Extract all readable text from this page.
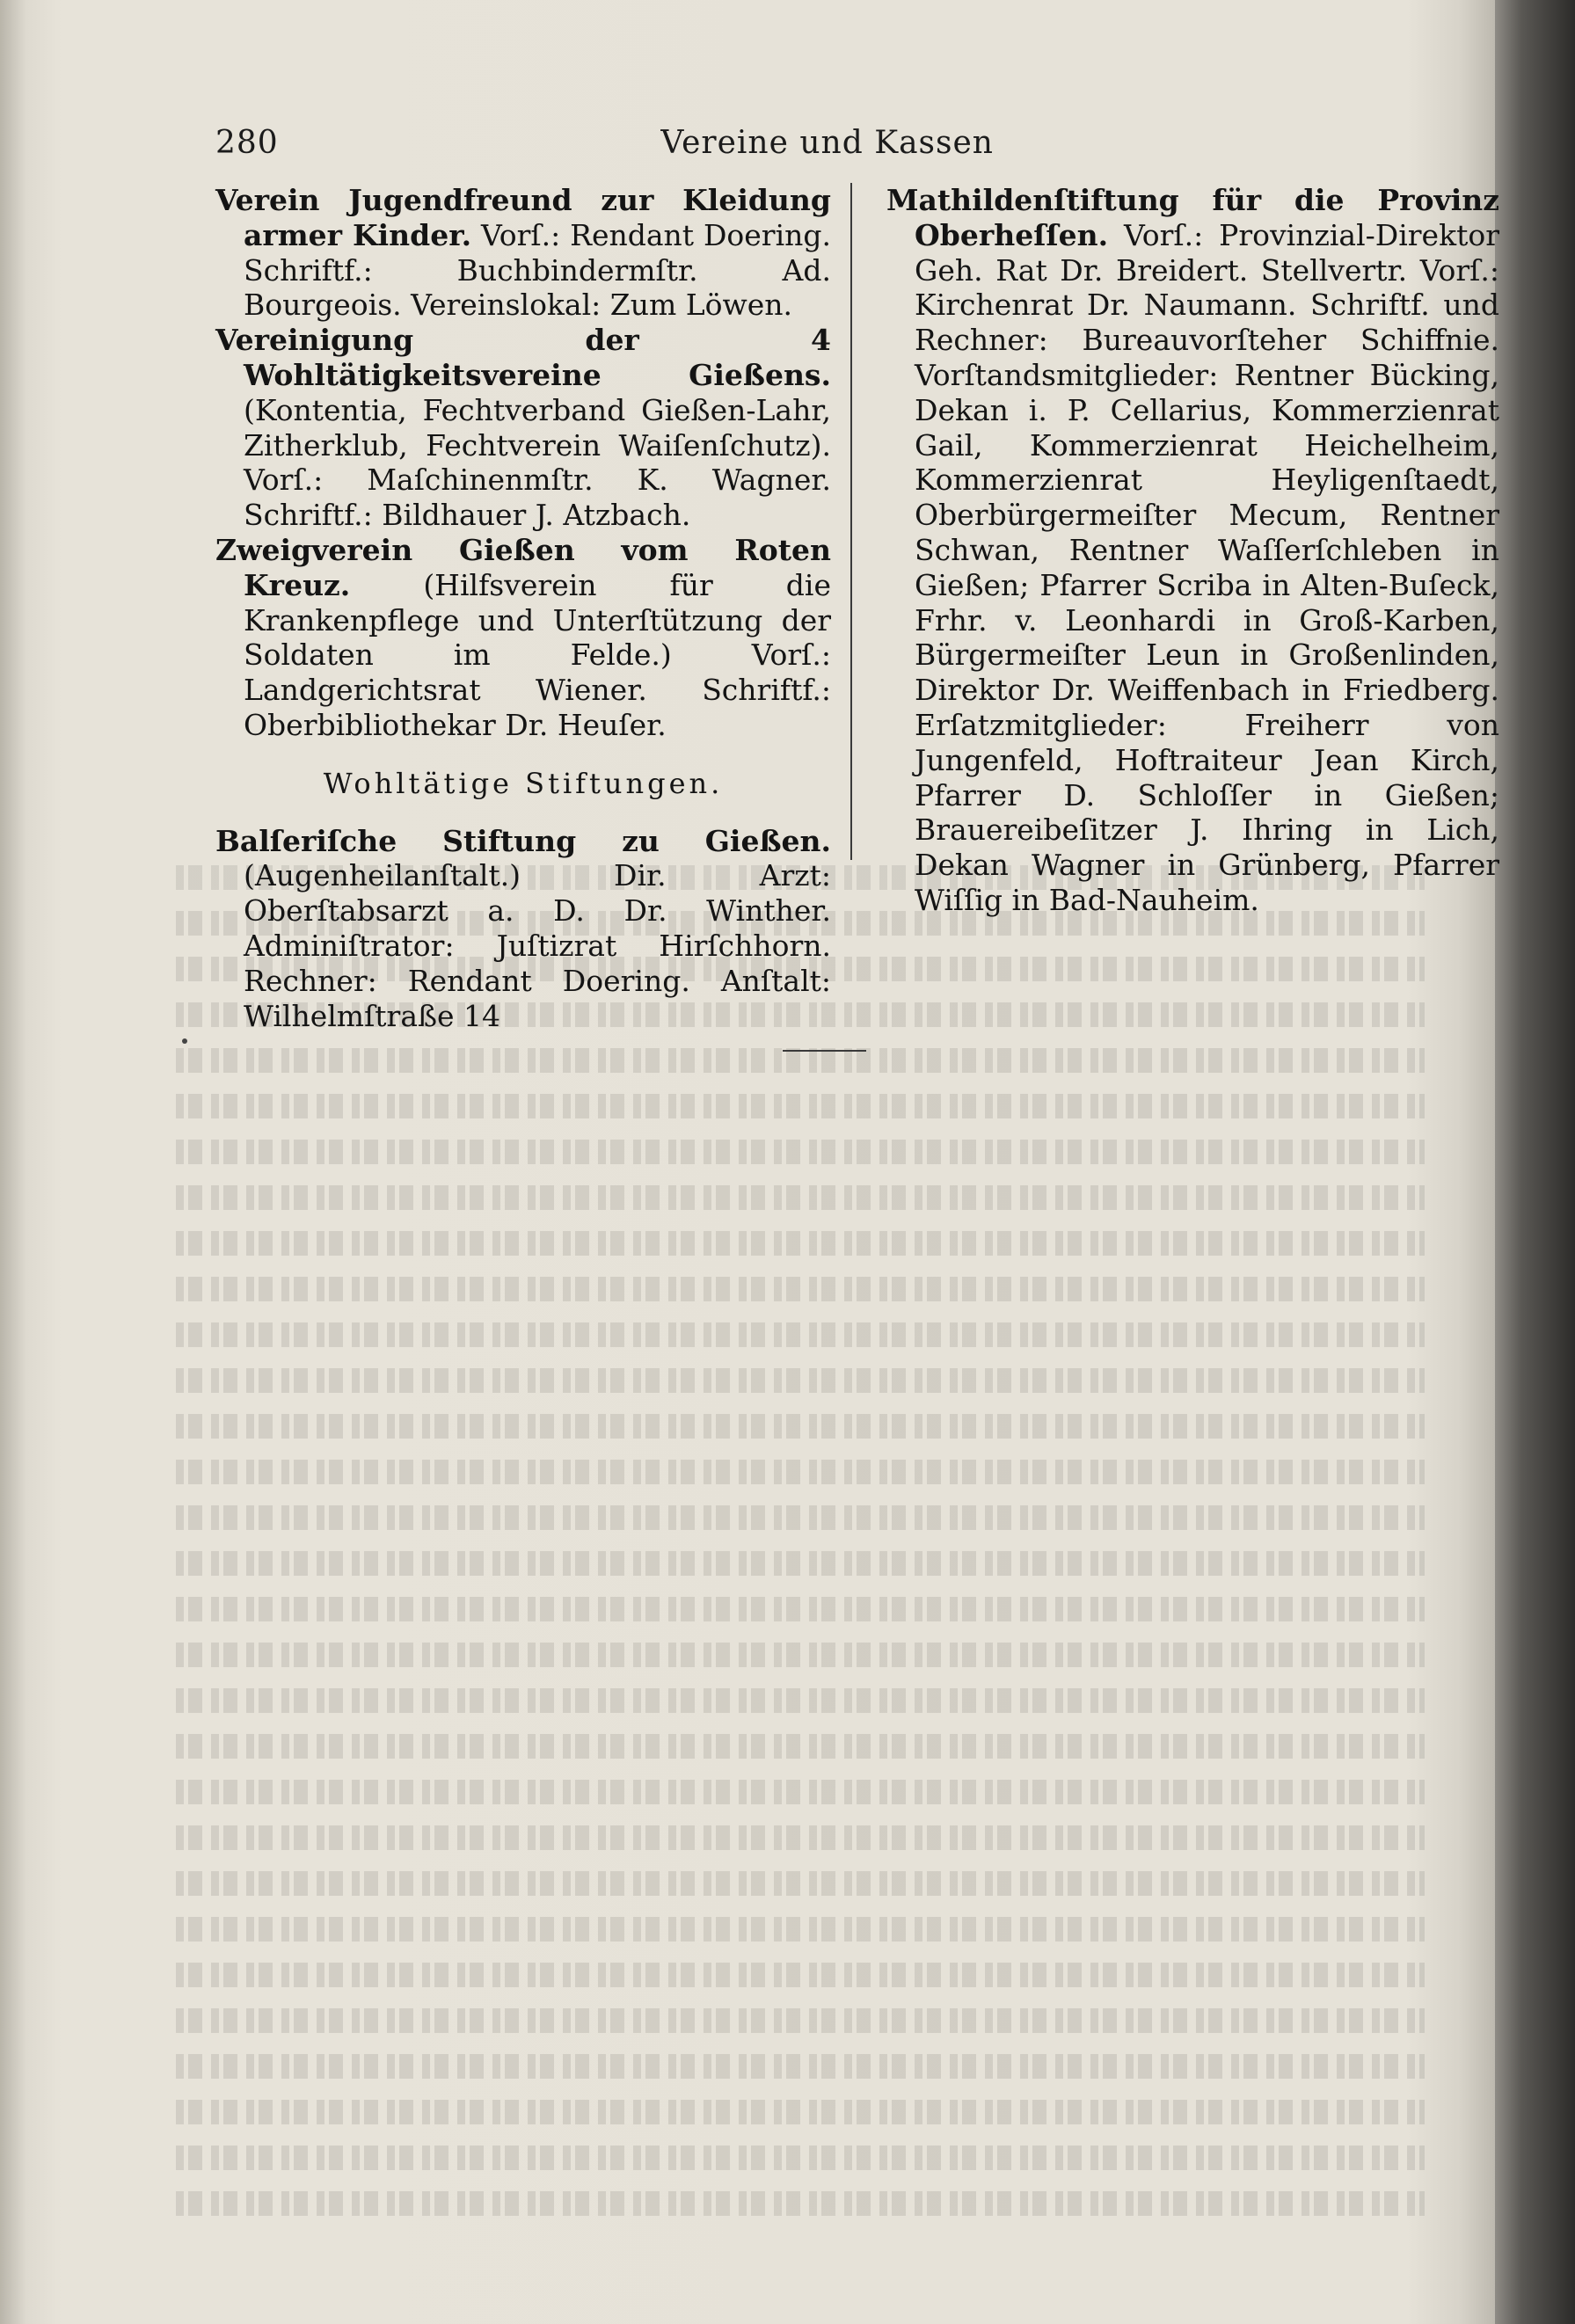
280	Vereine und Kassen

Verein Jugendfreund zur Kleidung armer Kinder. Vorſ.: Rendant Doering. Schriftf.: Buchbindermſtr. Ad. Bourgeois. Vereinslokal: Zum Löwen.

Vereinigung der 4 Wohltätigkeitsvereine Gießens. (Kontentia, Fechtverband Gießen-Lahr, Zitherklub, Fechtverein Waiſenſchutz). Vorſ.: Maſchinenmſtr. K. Wagner. Schriftf.: Bildhauer J. Atzbach.

Zweigverein Gießen vom Roten Kreuz. (Hilfsverein für die Krankenpflege und Unterſtützung der Soldaten im Felde.) Vorſ.: Landgerichtsrat Wiener. Schriftf.: Oberbibliothekar Dr. Heuſer.

Wohltätige Stiftungen.

Balſeriſche Stiftung zu Gießen. (Augenheilanſtalt.) Dir. Arzt: Oberſtabsarzt a. D. Dr. Winther. Adminiſtrator: Juſtizrat Hirſchhorn. Rechner: Rendant Doering. Anſtalt: Wilhelmſtraße 14

Mathildenſtiftung für die Provinz Oberheſſen. Vorſ.: Provinzial-Direktor Geh. Rat Dr. Breidert. Stellvertr. Vorſ.: Kirchenrat Dr. Naumann. Schriftf. und Rechner: Bureauvorſteher Schiffnie. Vorſtandsmitglieder: Rentner Bücking, Dekan i. P. Cellarius, Kommerzienrat Gail, Kommerzienrat Heichelheim, Kommerzienrat Heyligenſtaedt, Oberbürgermeiſter Mecum, Rentner Schwan, Rentner Waſſerſchleben in Gießen; Pfarrer Scriba in Alten-Buſeck, Frhr. v. Leonhardi in Groß-Karben, Bürgermeiſter Leun in Großenlinden, Direktor Dr. Weiffenbach in Friedberg. Erſatzmitglieder: Freiherr von Jungenfeld, Hoftraiteur Jean Kirch, Pfarrer D. Schloſſer in Gießen; Brauereibeſitzer J. Ihring in Lich, Dekan Wagner in Grünberg, Pfarrer Wiſſig in Bad-Nauheim.
